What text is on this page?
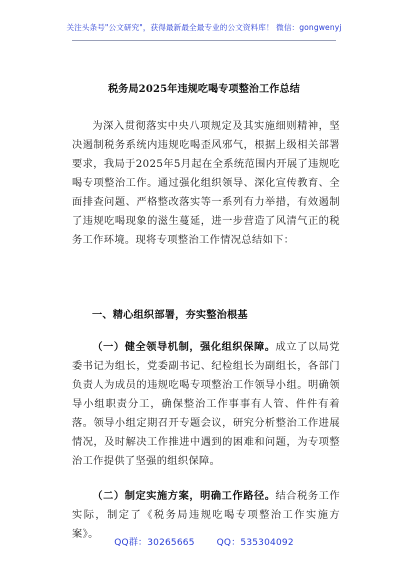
关注头条号"公文研究"，获得最新最全最专业的公文资料库！ 微信：gongwenyj
税务局2025年违规吃喝专项整治工作总结
为深入贯彻落实中央八项规定及其实施细则精神，坚决遏制税务系统内违规吃喝歪风邪气，根据上级相关部署要求，我局于2025年5月起在全系统范围内开展了违规吃喝专项整治工作。通过强化组织领导、深化宣传教育、全面排查问题、严格整改落实等一系列有力举措，有效遏制了违规吃喝现象的滋生蔓延，进一步营造了风清气正的税务工作环境。现将专项整治工作情况总结如下：
一、精心组织部署，夯实整治根基
（一）健全领导机制，强化组织保障。成立了以局党委书记为组长，党委副书记、纪检组长为副组长，各部门负责人为成员的违规吃喝专项整治工作领导小组。明确领导小组职责分工，确保整治工作事事有人管、件件有着落。领导小组定期召开专题会议，研究分析整治工作进展情况，及时解决工作推进中遇到的困难和问题，为专项整治工作提供了坚强的组织保障。
（二）制定实施方案，明确工作路径。结合税务工作实际，制定了《税务局违规吃喝专项整治工作实施方案》。
QQ群：30265665 QQ：535304092
